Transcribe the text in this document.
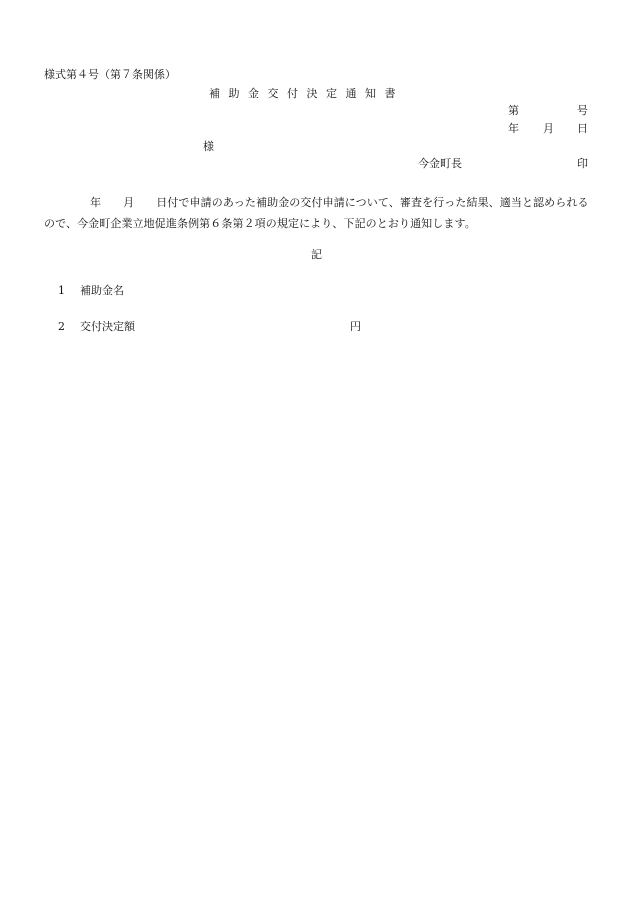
様式第４号（第７条関係）
補助金交付決定通知書
第	号
年 月 日
様
今金町長	印
年 月 日付で申請のあった補助金の交付申請について、審査を行った結果、適当と認められるので、今金町企業立地促進条例第６条第２項の規定により、下記のとおり通知します。
記
1 補助金名
2 交付決定額	円
